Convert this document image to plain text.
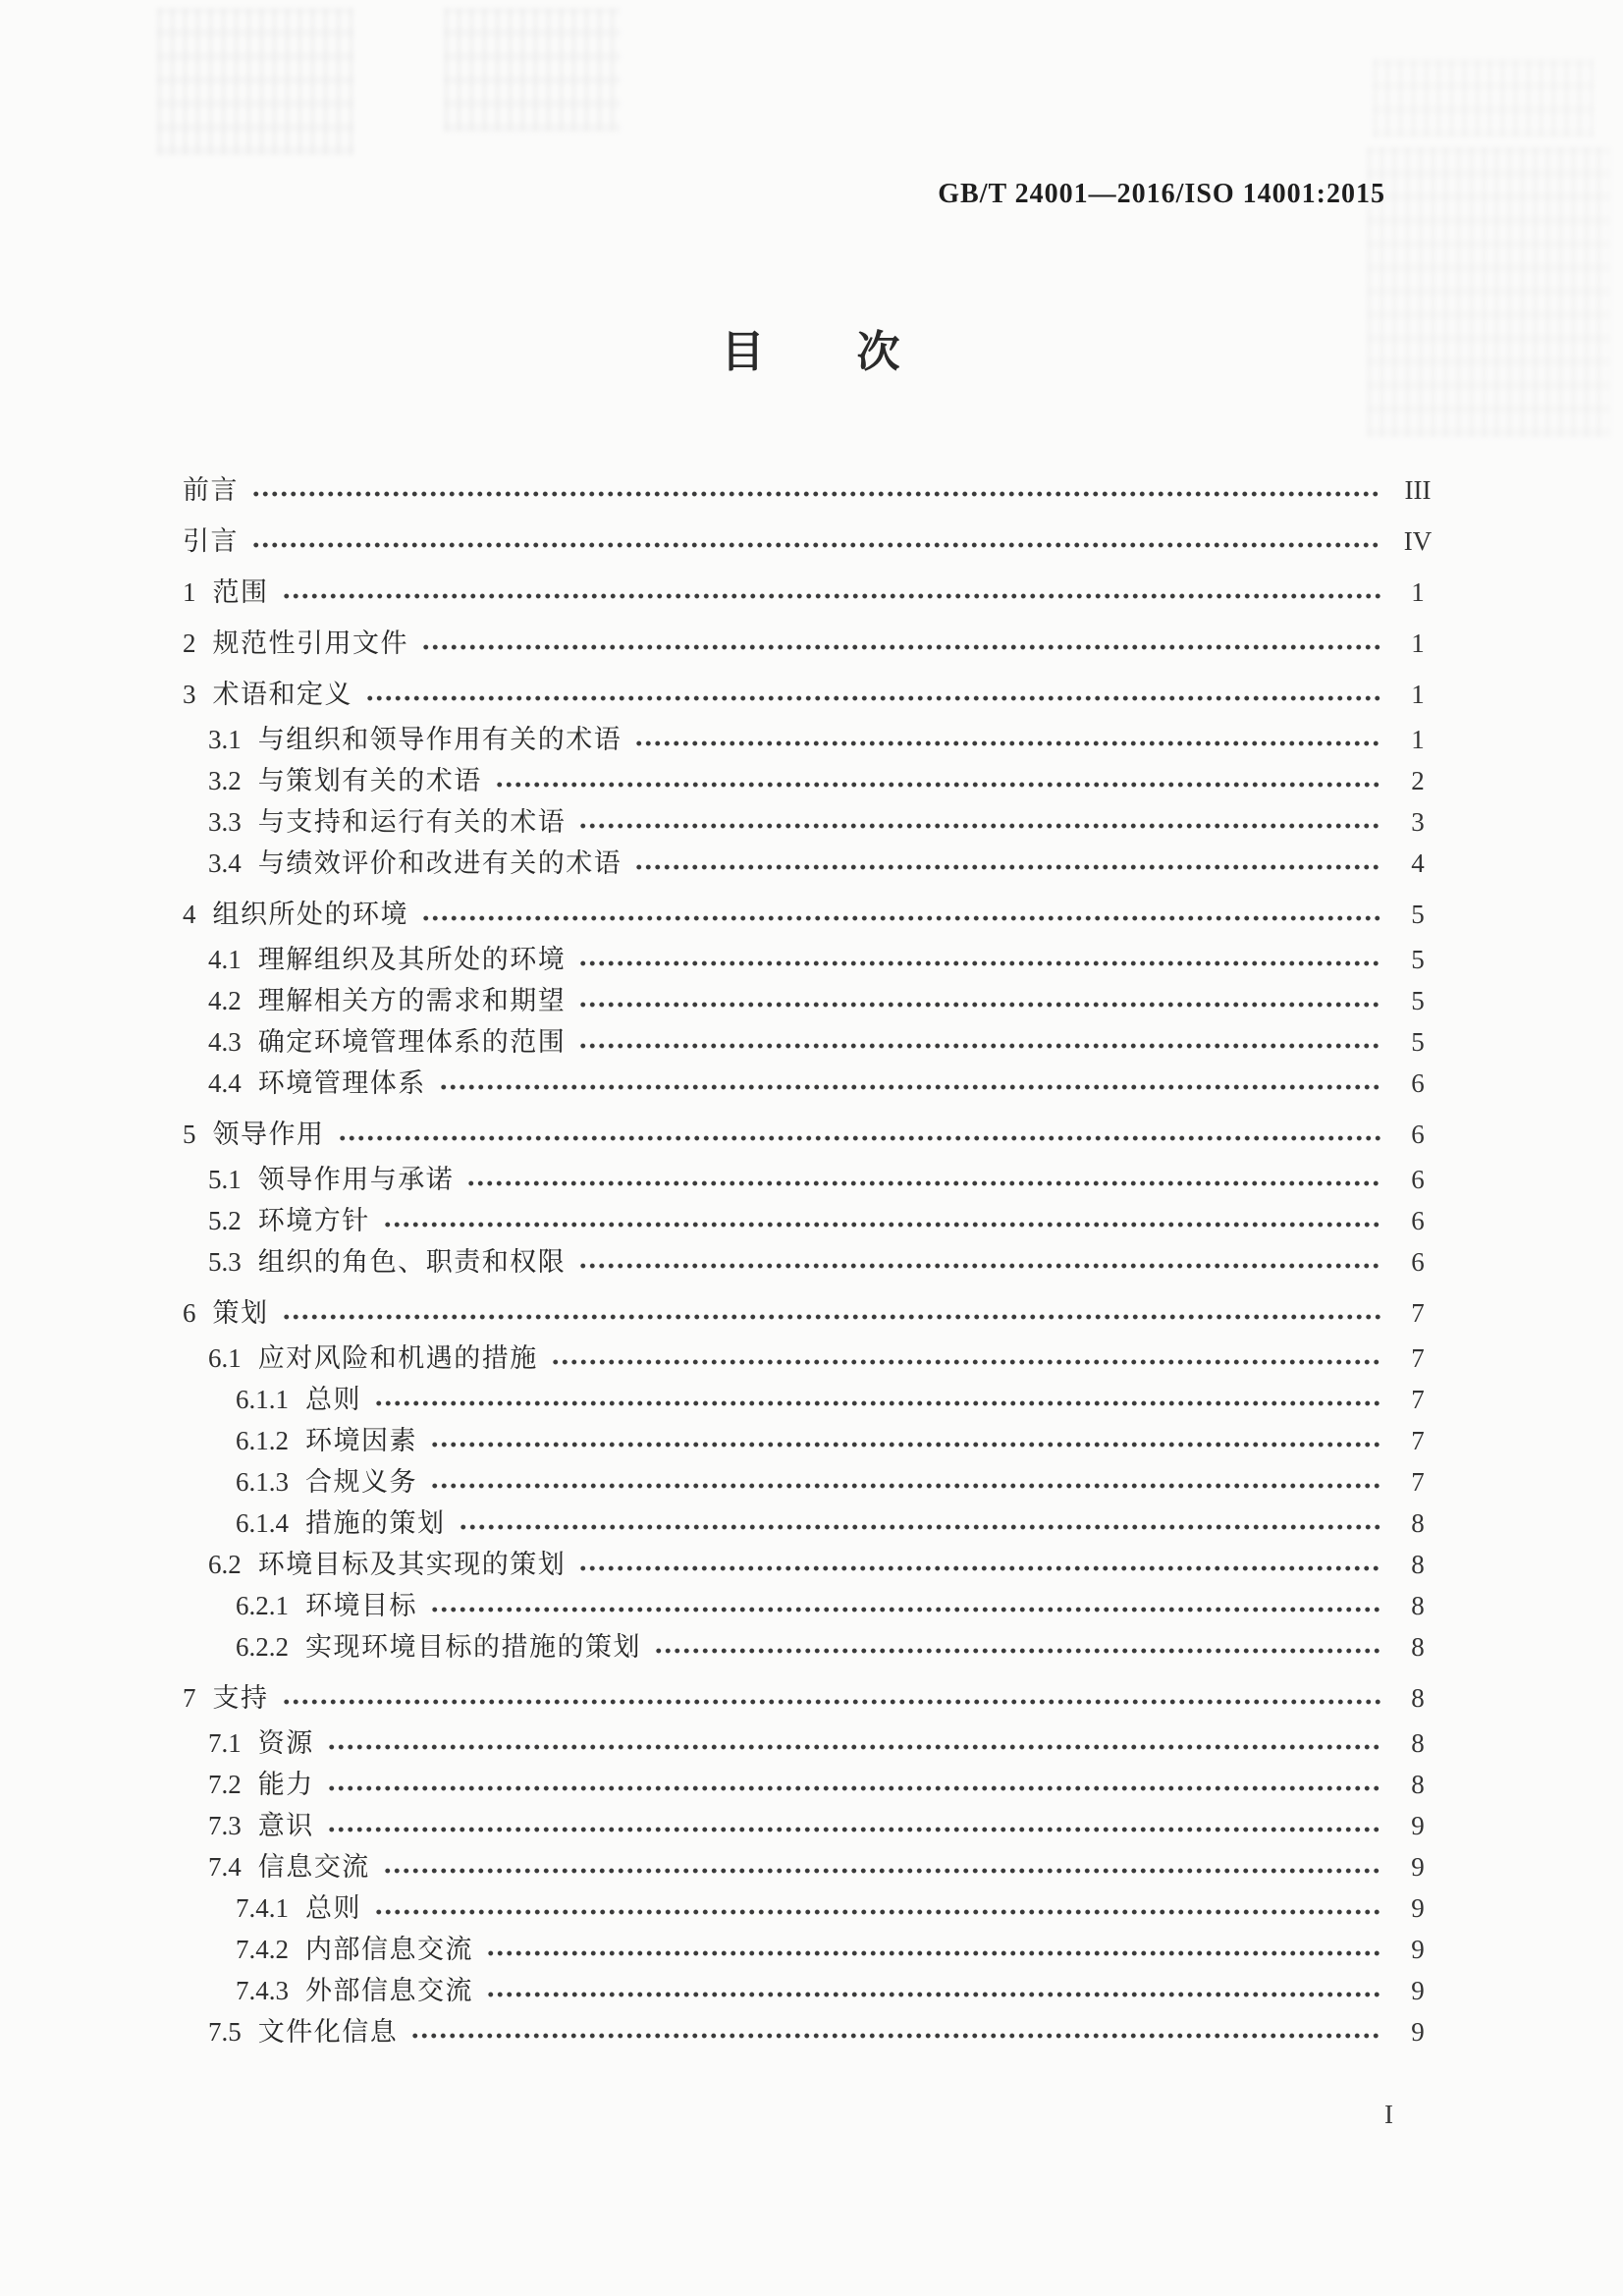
GB/T 24001—2016/ISO 14001:2015
目　　次
前言	III
引言	IV
1 范围	1
2 规范性引用文件	1
3 术语和定义	1
3.1 与组织和领导作用有关的术语	1
3.2 与策划有关的术语	2
3.3 与支持和运行有关的术语	3
3.4 与绩效评价和改进有关的术语	4
4 组织所处的环境	5
4.1 理解组织及其所处的环境	5
4.2 理解相关方的需求和期望	5
4.3 确定环境管理体系的范围	5
4.4 环境管理体系	6
5 领导作用	6
5.1 领导作用与承诺	6
5.2 环境方针	6
5.3 组织的角色、职责和权限	6
6 策划	7
6.1 应对风险和机遇的措施	7
6.1.1 总则	7
6.1.2 环境因素	7
6.1.3 合规义务	7
6.1.4 措施的策划	8
6.2 环境目标及其实现的策划	8
6.2.1 环境目标	8
6.2.2 实现环境目标的措施的策划	8
7 支持	8
7.1 资源	8
7.2 能力	8
7.3 意识	9
7.4 信息交流	9
7.4.1 总则	9
7.4.2 内部信息交流	9
7.4.3 外部信息交流	9
7.5 文件化信息	9
I
